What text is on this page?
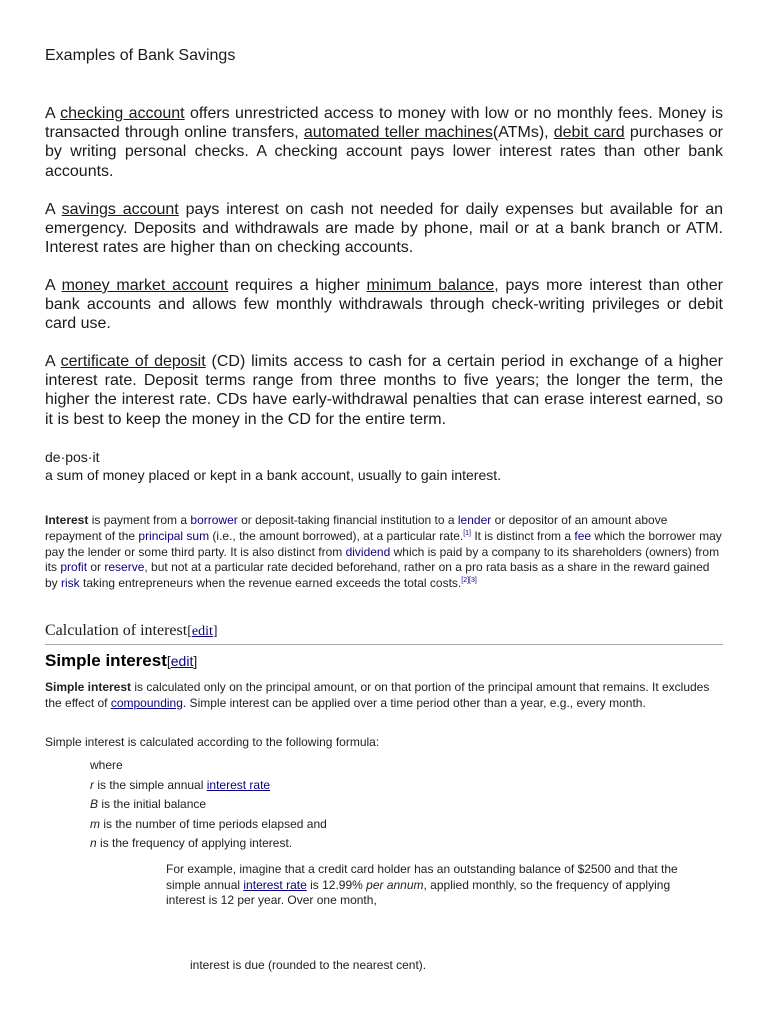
Examples of Bank Savings

A checking account offers unrestricted access to money with low or no monthly fees. Money is transacted through online transfers, automated teller machines(ATMs), debit card purchases or by writing personal checks. A checking account pays lower interest rates than other bank accounts.

A savings account pays interest on cash not needed for daily expenses but available for an emergency. Deposits and withdrawals are made by phone, mail or at a bank branch or ATM. Interest rates are higher than on checking accounts.

A money market account requires a higher minimum balance, pays more interest than other bank accounts and allows few monthly withdrawals through check-writing privileges or debit card use.

A certificate of deposit (CD) limits access to cash for a certain period in exchange of a higher interest rate. Deposit terms range from three months to five years; the longer the term, the higher the interest rate. CDs have early-withdrawal penalties that can erase interest earned, so it is best to keep the money in the CD for the entire term.

de·pos·it

a sum of money placed or kept in a bank account, usually to gain interest.

Interest is payment from a borrower or deposit-taking financial institution to a lender or depositor of an amount above repayment of the principal sum (i.e., the amount borrowed), at a particular rate.[1] It is distinct from a fee which the borrower may pay the lender or some third party. It is also distinct from dividend which is paid by a company to its shareholders (owners) from its profit or reserve, but not at a particular rate decided beforehand, rather on a pro rata basis as a share in the reward gained by risk taking entrepreneurs when the revenue earned exceeds the total costs.[2][3]

Calculation of interest[edit]
Simple interest[edit]

Simple interest is calculated only on the principal amount, or on that portion of the principal amount that remains. It excludes the effect of compounding. Simple interest can be applied over a time period other than a year, e.g., every month.

Simple interest is calculated according to the following formula:

where

r is the simple annual interest rate

B is the initial balance

m is the number of time periods elapsed and

n is the frequency of applying interest.

For example, imagine that a credit card holder has an outstanding balance of $2500 and that the simple annual interest rate is 12.99% per annum, applied monthly, so the frequency of applying interest is 12 per year. Over one month,

interest is due (rounded to the nearest cent).
